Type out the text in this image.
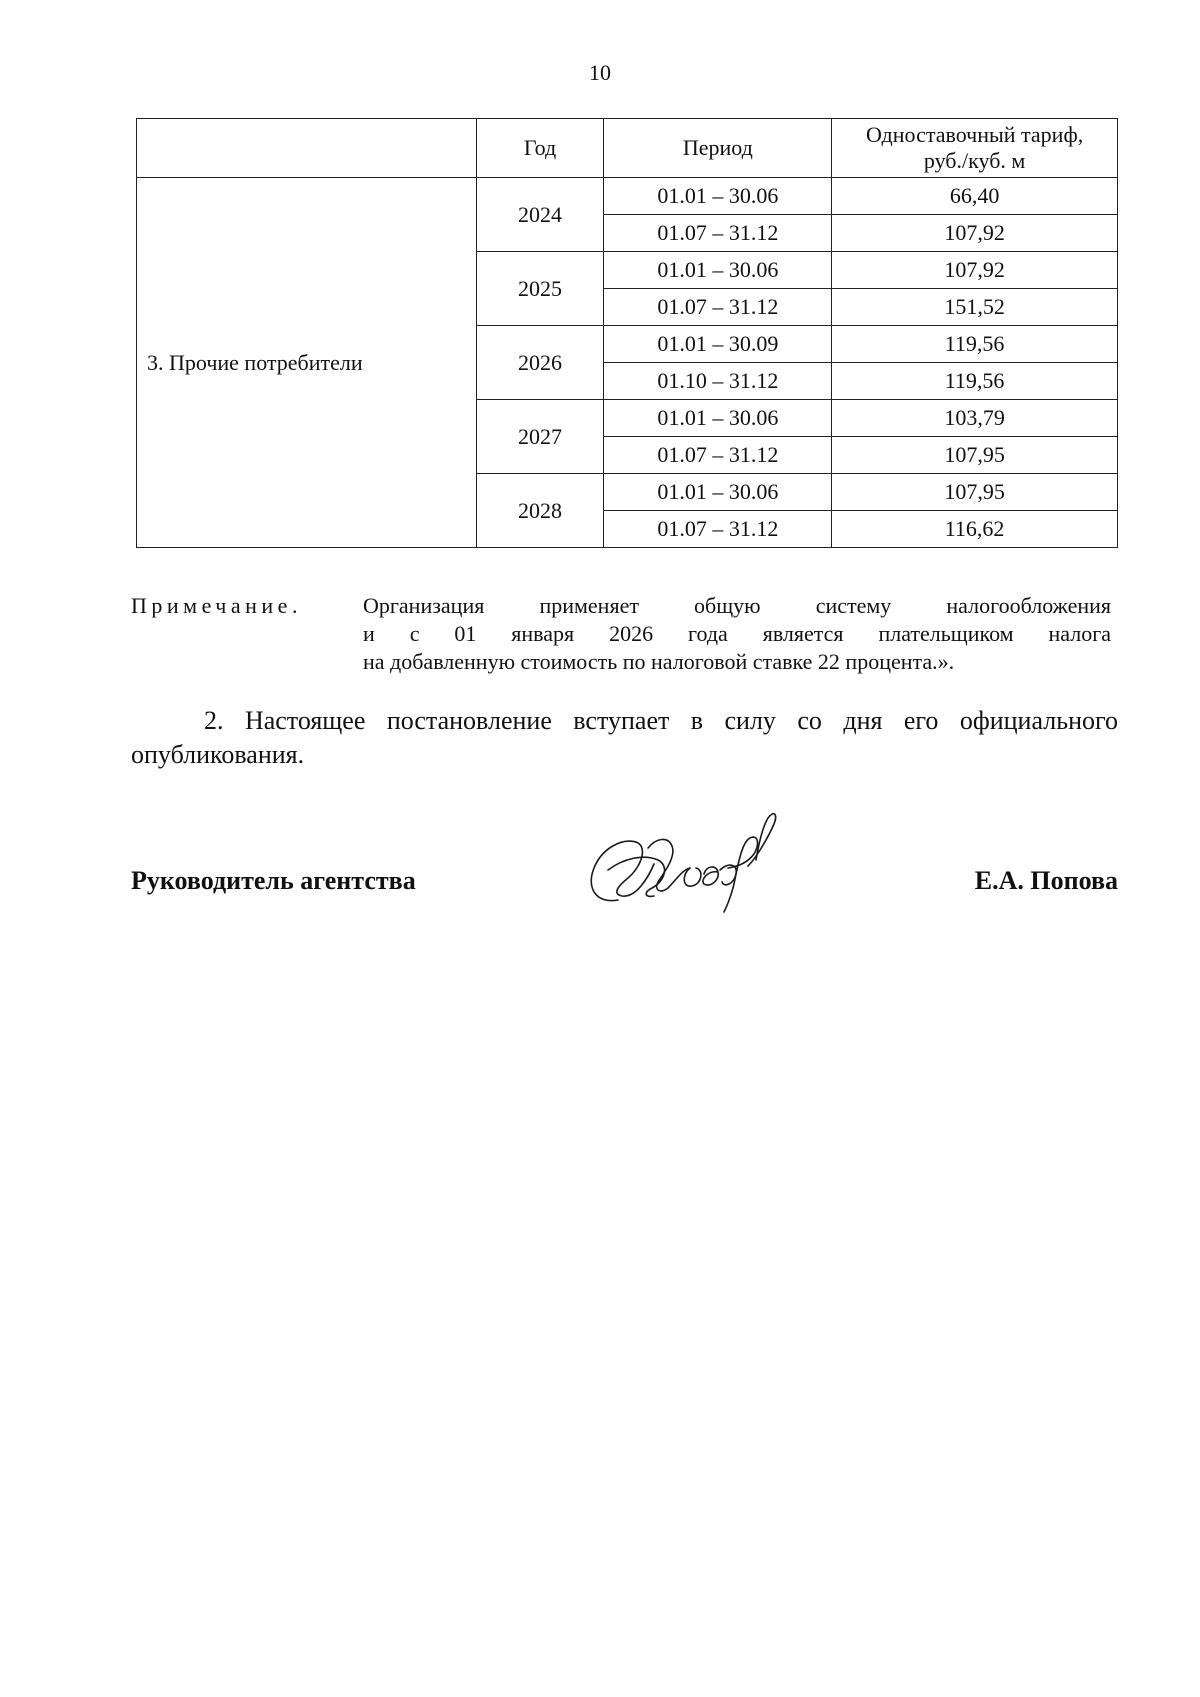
10
	Год	Период	Одноставочный тариф,
руб./куб. м
3. Прочие потребители	2024	01.01 – 30.06	66,40
		01.07 – 31.12	107,92
	2025	01.01 – 30.06	107,92
		01.07 – 31.12	151,52
	2026	01.01 – 30.09	119,56
		01.10 – 31.12	119,56
	2027	01.01 – 30.06	103,79
		01.07 – 31.12	107,95
	2028	01.01 – 30.06	107,95
		01.07 – 31.12	116,62
Примечание.	Организация применяет общую систему налогообложения
и с 01 января 2026 года является плательщиком налога
на добавленную стоимость по налоговой ставке 22 процента.».
2. Настоящее постановление вступает в силу со дня его официального
опубликования.
Руководитель агентства	Е.А. Попова
